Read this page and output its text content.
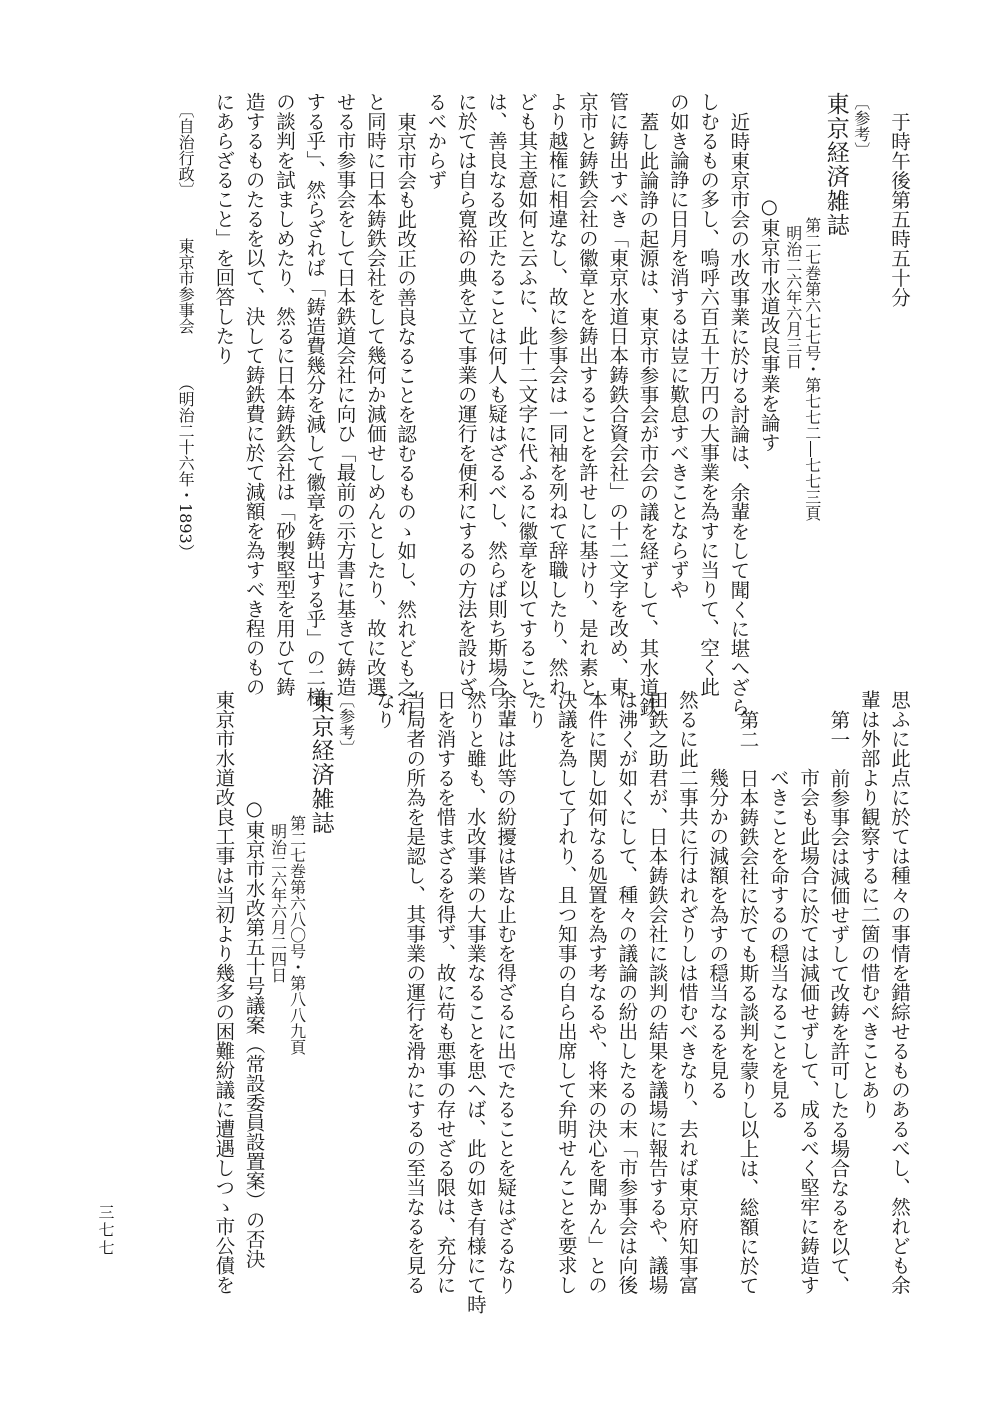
于時午後第五時五十分
〔参考〕
東京経済雑誌
第二七巻第六七七号・第七七二―七七三頁
明治二六年六月三日
○東京市水道改良事業を論す
近時東京市会の水改事業に於ける討論は、余輩をして聞くに堪へざら
しむるもの多し、嗚呼六百五十万円の大事業を為すに当りて、空く此
の如き論諍に日月を消するは豈に歎息すべきことならずや
蓋し此論諍の起源は、東京市参事会が市会の議を経ずして、其水道鉄
管に鋳出すべき「東京水道日本鋳鉄合資会社」の十二文字を改め、東
京市と鋳鉄会社の徽章とを鋳出することを許せしに基けり、是れ素と
より越権に相違なし、故に参事会は一同袖を列ねて辞職したり、然れ
ども其主意如何と云ふに、此十二文字に代ふるに徽章を以てすること
は、善良なる改正たることは何人も疑はざるべし、然らば則ち斯場合
に於ては自ら寛裕の典を立て事業の運行を便利にするの方法を設けざ
るべからず
東京市会も此改正の善良なることを認むるものゝ如し、然れども之れ
と同時に日本鋳鉄会社をして幾何か減価せしめんとしたり、故に改選
せる市参事会をして日本鉄道会社に向ひ「最前の示方書に基きて鋳造
する乎」、然らざれば「鋳造費幾分を減して徽章を鋳出する乎」の二様
の談判を試ましめたり、然るに日本鋳鉄会社は「砂製堅型を用ひて鋳
造するものたるを以て、決して鋳鉄費に於て減額を為すべき程のもの
にあらざること」を回答したり
〔自治行政〕 東京市参事会 （明治二十六年・1893）
思ふに此点に於ては種々の事情を錯綜せるものあるべし、然れども余
輩は外部より観察するに二箇の惜むべきことあり
第一　前参事会は減価せずして改鋳を許可したる場合なるを以て、
市会も此場合に於ては減価せずして、成るべく堅牢に鋳造す
べきことを命するの穏当なることを見る
第二　日本鋳鉄会社に於ても斯る談判を蒙りし以上は、総額に於て
幾分かの減額を為すの穏当なるを見る
然るに此二事共に行はれざりしは惜むべきなり、去れば東京府知事富
田鉄之助君が、日本鋳鉄会社に談判の結果を議場に報告するや、議場
は沸くが如くにして、種々の議論の紛出したるの末「市参事会は向後
本件に関し如何なる処置を為す考なるや、将来の決心を聞かん」との
決議を為して了れり、且つ知事の自ら出席して弁明せんことを要求し
たり
余輩は此等の紛擾は皆な止むを得ざるに出でたることを疑はざるなり
然りと雖も、水改事業の大事業なることを思へば、此の如き有様にて時
日を消するを惜まざるを得ず、故に苟も悪事の存せざる限は、充分に
当局者の所為を是認し、其事業の運行を滑かにするの至当なるを見る
なり
〔参考〕
東京経済雑誌
第二七巻第六八〇号・第八八九頁
明治二六年六月二四日
○東京市水改第五十号議案（常設委員設置案）の否決
東京市水道改良工事は当初より幾多の困難紛議に遭遇しつゝ市公債を
三七七
